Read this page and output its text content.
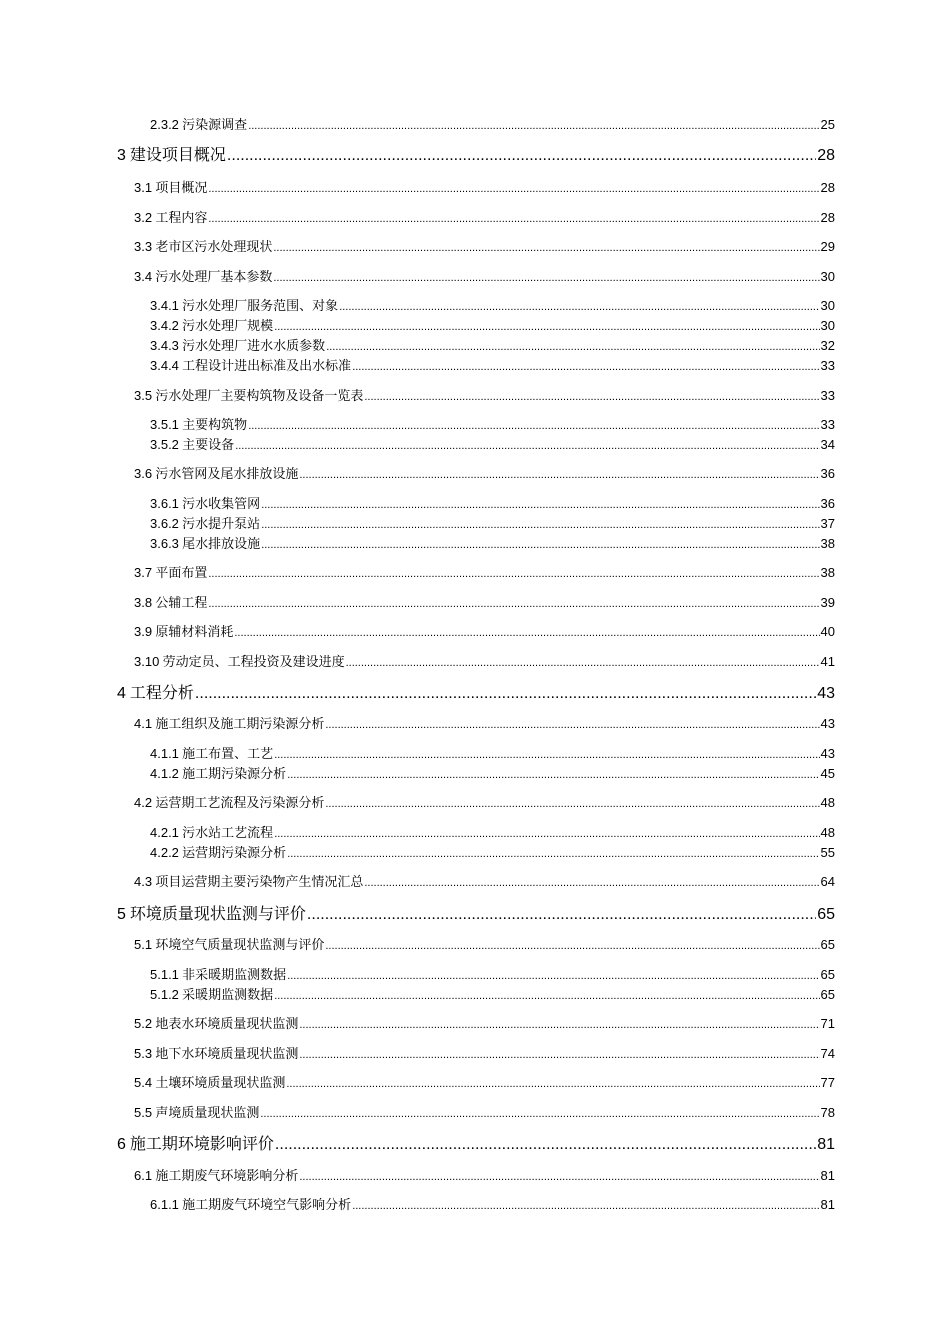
2.3.2 污染源调查 .....	25
3 建设项目概况 .....	28
3.1 项目概况 .....	28
3.2 工程内容 .....	28
3.3 老市区污水处理现状 .....	29
3.4 污水处理厂基本参数 .....	30
3.4.1 污水处理厂服务范围、对象 .....	30
3.4.2 污水处理厂规模 .....	30
3.4.3 污水处理厂进水水质参数 .....	32
3.4.4 工程设计进出标准及出水标准 .....	33
3.5 污水处理厂主要构筑物及设备一览表 .....	33
3.5.1 主要构筑物 .....	33
3.5.2 主要设备 .....	34
3.6 污水管网及尾水排放设施 .....	36
3.6.1 污水收集管网 .....	36
3.6.2 污水提升泵站 .....	37
3.6.3 尾水排放设施 .....	38
3.7 平面布置 .....	38
3.8 公辅工程 .....	39
3.9 原辅材料消耗 .....	40
3.10 劳动定员、工程投资及建设进度 .....	41
4 工程分析 .....	43
4.1 施工组织及施工期污染源分析 .....	43
4.1.1 施工布置、工艺 .....	43
4.1.2 施工期污染源分析 .....	45
4.2 运营期工艺流程及污染源分析 .....	48
4.2.1 污水站工艺流程 .....	48
4.2.2 运营期污染源分析 .....	55
4.3 项目运营期主要污染物产生情况汇总 .....	64
5 环境质量现状监测与评价 .....	65
5.1 环境空气质量现状监测与评价 .....	65
5.1.1 非采暖期监测数据 .....	65
5.1.2 采暖期监测数据 .....	65
5.2 地表水环境质量现状监测 .....	71
5.3 地下水环境质量现状监测 .....	74
5.4 土壤环境质量现状监测 .....	77
5.5 声境质量现状监测 .....	78
6 施工期环境影响评价 .....	81
6.1 施工期废气环境影响分析 .....	81
6.1.1 施工期废气环境空气影响分析 .....	81
